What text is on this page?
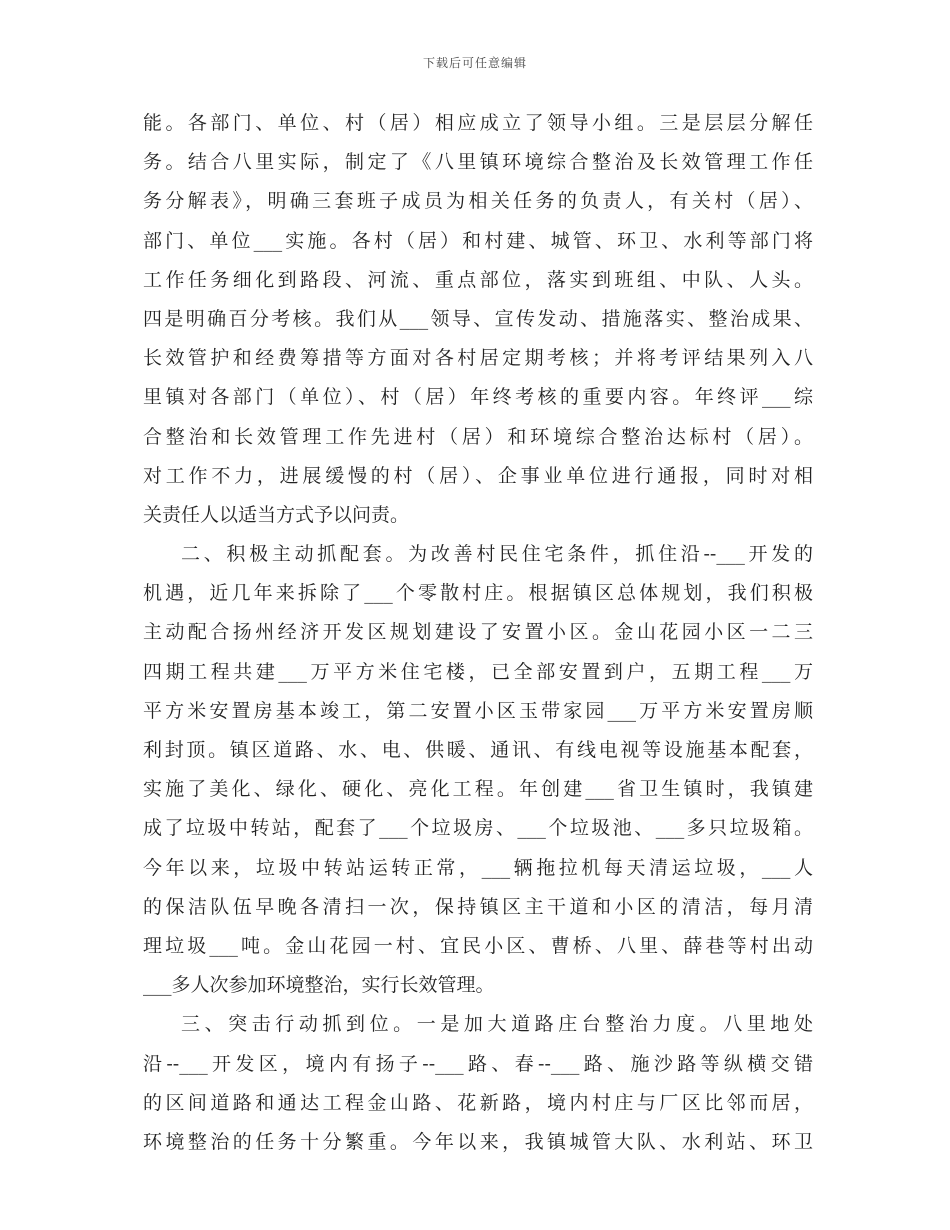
下载后可任意编辑
能。各部门、单位、村（居）相应成立了领导小组。三是层层分解任
务。结合八里实际，制定了《八里镇环境综合整治及长效管理工作任
务分解表》，明确三套班子成员为相关任务的负责人，有关村（居）、
部门、单位___实施。各村（居）和村建、城管、环卫、水利等部门将
工作任务细化到路段、河流、重点部位，落实到班组、中队、人头。
四是明确百分考核。我们从___领导、宣传发动、措施落实、整治成果、
长效管护和经费筹措等方面对各村居定期考核；并将考评结果列入八
里镇对各部门（单位）、村（居）年终考核的重要内容。年终评___综
合整治和长效管理工作先进村（居）和环境综合整治达标村（居）。
对工作不力，进展缓慢的村（居）、企事业单位进行通报，同时对相
关责任人以适当方式予以问责。
二、积极主动抓配套。为改善村民住宅条件，抓住沿--___开发的
机遇，近几年来拆除了___个零散村庄。根据镇区总体规划，我们积极
主动配合扬州经济开发区规划建设了安置小区。金山花园小区一二三
四期工程共建___万平方米住宅楼，已全部安置到户，五期工程___万
平方米安置房基本竣工，第二安置小区玉带家园___万平方米安置房顺
利封顶。镇区道路、水、电、供暖、通讯、有线电视等设施基本配套，
实施了美化、绿化、硬化、亮化工程。年创建___省卫生镇时，我镇建
成了垃圾中转站，配套了___个垃圾房、___个垃圾池、___多只垃圾箱。
今年以来，垃圾中转站运转正常，___辆拖拉机每天清运垃圾，___人
的保洁队伍早晚各清扫一次，保持镇区主干道和小区的清洁，每月清
理垃圾___吨。金山花园一村、宜民小区、曹桥、八里、薛巷等村出动
___多人次参加环境整治，实行长效管理。
三、突击行动抓到位。一是加大道路庄台整治力度。八里地处
沿--___开发区，境内有扬子--___路、春--___路、施沙路等纵横交错
的区间道路和通达工程金山路、花新路，境内村庄与厂区比邻而居，
环境整治的任务十分繁重。今年以来，我镇城管大队、水利站、环卫
